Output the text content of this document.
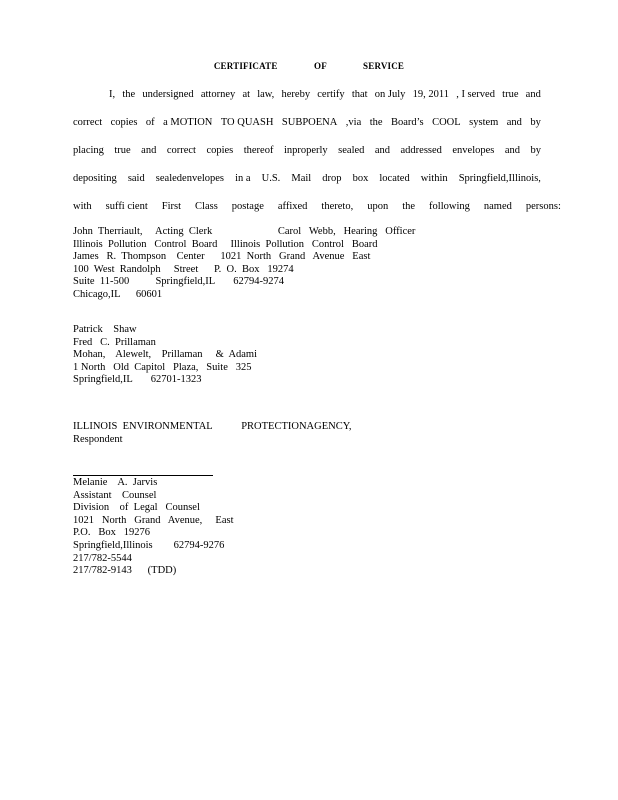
CERTIFICATE OF SERVICE

I, the undersigned attorney at law, hereby certify that on July 19, 2011 , I served true and

correct copies of a MOTION TO QUASH SUBPOENA ,via the Board’s COOL system and by

placing true and correct copies thereof inproperly sealed and addressed envelopes and by

depositing said sealedenvelopes in a U.S. Mail drop box located within Springfield,Illinois,

with suffi cient First Class postage affixed thereto, upon the following named persons:

John  Therriault,     Acting  Clerk                         Carol   Webb,   Hearing   Officer
Illinois  Pollution   Control  Board     Illinois  Pollution   Control   Board
James   R.  Thompson    Center      1021  North   Grand   Avenue   East
100  West  Randolph     Street      P.  O.  Box   19274
Suite  11-500          Springfield,IL       62794-9274
Chicago,IL      60601
Patrick    Shaw
Fred   C.  Prillaman
Mohan,    Alewelt,    Prillaman     &  Adami
1 North   Old  Capitol   Plaza,   Suite   325
Springfield,IL       62701-1323
ILLINOIS  ENVIRONMENTAL           PROTECTIONAGENCY,
Respondent
Melanie    A.  Jarvis
Assistant    Counsel
Division    of  Legal   Counsel
1021   North   Grand   Avenue,     East
P.O.   Box   19276
Springfield,Illinois        62794-9276
217/782-5544
217/782-9143      (TDD)
